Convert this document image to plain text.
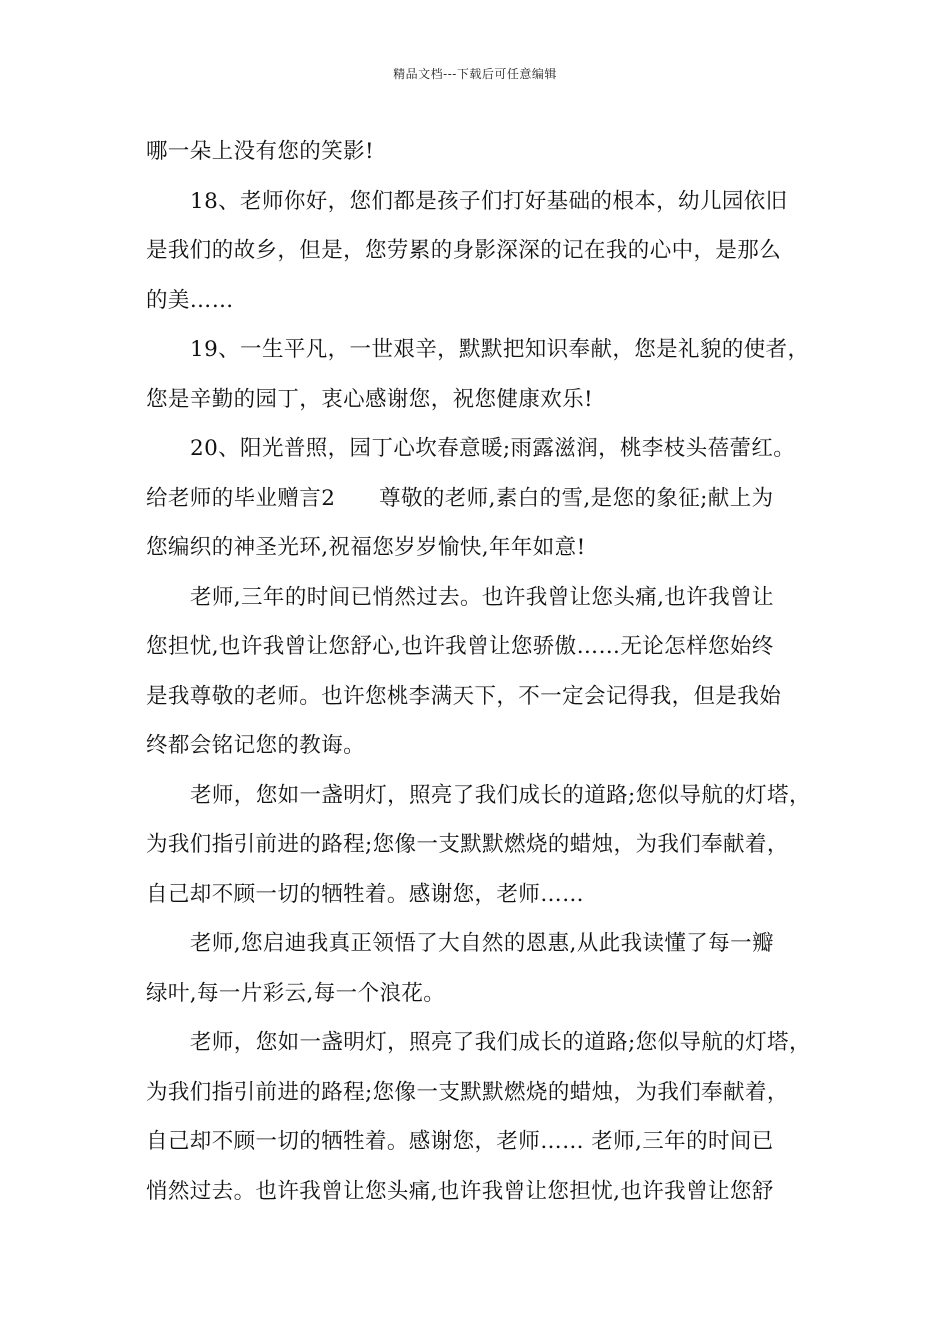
精品文档---下载后可任意编辑
哪一朵上没有您的笑影!
18、老师你好，您们都是孩子们打好基础的根本，幼儿园依旧
是我们的故乡，但是，您劳累的身影深深的记在我的心中，是那么
的美……
19、一生平凡，一世艰辛，默默把知识奉献，您是礼貌的使者，
您是辛勤的园丁，衷心感谢您，祝您健康欢乐!
20、阳光普照，园丁心坎春意暖;雨露滋润，桃李枝头蓓蕾红。
给老师的毕业赠言2　　尊敬的老师,素白的雪,是您的象征;献上为
您编织的神圣光环,祝福您岁岁愉快,年年如意!
老师,三年的时间已悄然过去。也许我曾让您头痛,也许我曾让
您担忧,也许我曾让您舒心,也许我曾让您骄傲……无论怎样您始终
是我尊敬的老师。也许您桃李满天下，不一定会记得我，但是我始
终都会铭记您的教诲。
老师，您如一盏明灯，照亮了我们成长的道路;您似导航的灯塔，
为我们指引前进的路程;您像一支默默燃烧的蜡烛，为我们奉献着，
自己却不顾一切的牺牲着。感谢您，老师……
老师,您启迪我真正领悟了大自然的恩惠,从此我读懂了每一瓣
绿叶,每一片彩云,每一个浪花。
老师，您如一盏明灯，照亮了我们成长的道路;您似导航的灯塔，
为我们指引前进的路程;您像一支默默燃烧的蜡烛，为我们奉献着，
自己却不顾一切的牺牲着。感谢您，老师…… 老师,三年的时间已
悄然过去。也许我曾让您头痛,也许我曾让您担忧,也许我曾让您舒
